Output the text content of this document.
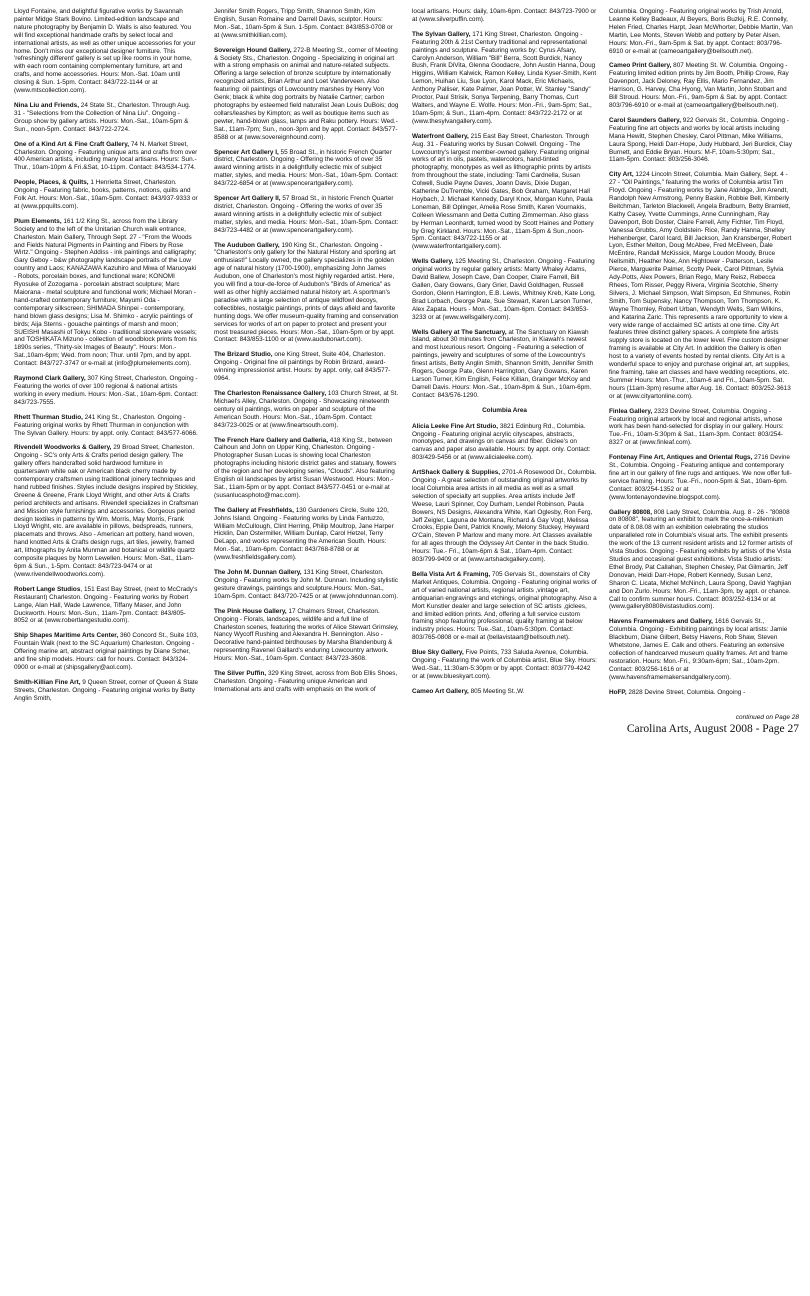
Lloyd Fontaine, and delightful figurative works by Savannah painter Midge Stark Bovino. Limited-edition landscape and nature photography by Benjamin D. Walls is also featured. You will find exceptional handmade crafts by select local and international artists, as well as other unique accessories for your home. Don't miss our exceptional designer furniture. This 'refreshingly different' gallery is set up like rooms in your home, with each room containing complementary furniture, art and crafts, and home accessories. Hours: Mon.-Sat. 10am until closing & Sun. 1-5pm. Contact: 843/722-1144 or at (www.mtscollection.com).

Nina Liu and Friends, 24 State St., Charleston. Through Aug. 31 - "Selections from the Collection of Nina Liu". Ongoing - Group show by gallery artists. Hours: Mon.-Sat., 10am-5pm & Sun., noon-5pm. Contact: 843/722-2724.

One of a Kind Art & Fine Craft Gallery, 74 N. Market Street, Charleston. Ongoing - Featuring unique arts and crafts from over 400 American artists, including many local artisans. Hours: Sun.-Thur., 10am-10pm & Fri.&Sat, 10-11pm. Contact: 843/534-1774.

People, Places, & Quilts, 1 Henrietta Street, Charleston. Ongoing - Featuring fabric, books, patterns, notions, quilts and Folk Art. Hours: Mon.-Sat., 10am-5pm. Contact: 843/937-9333 or at (www.ppquilts.com).

Plum Elements, 161 1/2 King St., across from the Library Society and to the left of the Unitarian Church walk entrance, Charleston. Main Gallery, Through Sept. 27 - "From the Woods and Fields Natural Pigments in Painting and Fibers by Rose Wirtz." Ongoing - Stephen Addiss - ink paintings and calligraphy; Gary Geboy - b&w photography landscape portraits of the Low country and Laos; KANAZAWA Kazuhiro and Miwa of Maruoyaki - Robots, porcelain boxes, and functional ware; KONOMI Ryosuke of Zozogama - porcelain abstract sculpture; Marc Maiorana - metal sculpture and functional work; Michael Moran - hand-crafted contemporary furniture; Mayumi Oda - contemporary silkscreen; SHIMADA Shinpei - contemporary, hand blown glass designs; Lisa M. Shimko - acrylic paintings of birds; Aija Sterns - gouache paintings of marsh and moon; SUEISHI Masashi of Tokyu Kobo - traditional stoneware vessels; and TOSHIKATA Mizuno - collection of woodblock prints from his 1890s series, "Thirty-six Images of Beauty". Hours: Mon.-Sat.,10am-6pm; Wed. from noon; Thur. until 7pm, and by appt. Contact: 843/727-3747 or e-mail at (info@plumelements.com).

Raymond Clark Gallery, 307 King Street, Charleston. Ongoing - Featuring the works of over 100 regional & national artists working in every medium. Hours: Mon.-Sat., 10am-6pm. Contact: 843/723-7555.

Rhett Thurman Studio, 241 King St., Charleston. Ongoing - Featuring original works by Rhett Thurman in conjunction with The Sylvan Gallery. Hours: by appt. only. Contact: 843/577-6066.

Rivendell Woodworks & Gallery, 29 Broad Street, Charleston. Ongoing - SC's only Arts & Crafts period design gallery. The gallery offers handcrafted solid hardwood furniture in quartersawn white oak or American black cherry made by contemporary craftsmen using traditional joinery techniques and hand rubbed finishes. Styles include designs inspired by Stickley, Greene & Greene, Frank Lloyd Wright, and other Arts & Crafts period architects and artisans. Rivendell specializes in Craftsman and Mission style furnishings and accessories. Gorgeous period design textiles in patterns by Wm. Morris, May Morris, Frank Lloyd Wright, etc. are available in pillows, bedspreads, runners, placemats and throws. Also - American art pottery, hand woven, hand knotted Arts & Crafts design rugs, art tiles, jewelry, framed art, lithographs by Anita Munman and botanical or wildlife quartz composite plaques by Norm Lewellen. Hours: Mon.-Sat., 11am-6pm & Sun., 1-5pm. Contact: 843/723-9474 or at (www.rivendellwoodworks.com).

Robert Lange Studios, 151 East Bay Street, (next to McCrady's Restaurant) Charleston. Ongoing - Featuring works by Robert Lange, Alan Hall, Wade Lawrence, Tiffany Maser, and John Duckworth. Hours: Mon.-Sun., 11am-7pm. Contact: 843/805-8052 or at (www.robertlangestudio.com).

Ship Shapes Maritime Arts Center, 360 Concord St., Suite 103, Fountain Walk (next to the SC Aquarium) Charleston. Ongoing - Offering marine art, abstract original paintings by Diane Scher, and fine ship models. Hours: call for hours. Contact: 843/324-0900 or e-mail at (shipsgallery@aol.com).

Smith-Killian Fine Art, 9 Queen Street, corner of Queen & State Streets, Charleston. Ongoing - Featuring original works by Betty Anglin Smith,

Jennifer Smith Rogers, Tripp Smith, Shannon Smith, Kim English, Susan Romaine and Darrell Davis, sculptor. Hours: Mon.-Sat., 10am-5pm & Sun. 1-5pm. Contact: 843/853-0708 or at (www.smithkillian.com).

Sovereign Hound Gallery, 272-B Meeting St., corner of Meeting & Society Sts., Charleston. Ongoing - Specializing in original art with a strong emphasis on animal and nature-related subjects. Offering a large selection of bronze sculpture by internationally recognized artists, Brian Arthur and Loet Vanderveen. Also featuring: oil paintings of Lowcountry marshes by Henry Von Genk; black & white dog portraits by Natalie Cartner; carbon photographs by esteemed field naturalist Jean Louis DuBois; dog collars/leashes by Kimpton; as well as boutique items such as pewter, hand-blown glass, lamps and Raku pottery. Hours: Wed.-Sat., 11am-7pm; Sun., noon-3pm and by appt. Contact: 843/577-8588 or at (www.sovereignhound.com).

Spencer Art Gallery I, 55 Broad St., in historic French Quarter district, Charleston. Ongoing - Offering the works of over 35 award winning artists in a delightfully eclectic mix of subject matter, styles, and media. Hours: Mon.-Sat., 10am-5pm. Contact: 843/722-6854 or at (www.spencerartgallery.com).

Spencer Art Gallery II, 57 Broad St., in historic French Quarter district, Charleston. Ongoing - Offering the works of over 35 award winning artists in a delightfully eclectic mix of subject matter, styles, and media. Hours: Mon.-Sat., 10am-5pm. Contact: 843/723-4482 or at (www.spencerartgallery.com).

The Audubon Gallery, 190 King St., Charleston. Ongoing - "Charleston's only gallery for the Natural History and sporting art enthusiast!" Locally owned, the gallery specializes in the golden age of natural history (1700-1900), emphasizing John James Audubon, one of Charleston's most highly regarded artist. Here, you will find a tour-de-force of Audubon's "Birds of America" as well as other highly acclaimed natural history art. A sportman's paradise with a large selection of antique wildfowl decoys, collectibles, nostalgic paintings, prints of days afield and favorite hunting dogs. We offer museum-quality framing and conservation services for works of art on paper to protect and present your most treasured pieces. Hours: Mon.-Sat., 10am-5pm or by appt. Contact: 843/853-1100 or at (www.audubonart.com).

The Brizard Studio, one King Street, Suite 404, Charleston. Ongoing - Original fine oil paintings by Robin Brizard, award-winning impressionist artist. Hours: by appt. only, call 843/577-0964.

The Charleston Renaissance Gallery, 103 Church Street, at St. Michael's Alley, Charleston. Ongoing - Showcasing nineteenth century oil paintings, works on paper and sculpture of the American South. Hours: Mon.-Sat., 10am-5pm. Contact: 843/723-0025 or at (www.fineartsouth.com).

The French Hare Gallery and Galleria, 418 King St., between Calhoun and John on Upper King, Charleston. Ongoing - Photographer Susan Lucas is showing local Charleston photographs including historic district gates and statuary, flowers of the region and her developing series, "Clouds". Also featuring English oil landscapes by artist Susan Westwood. Hours: Mon.-Sat., 11am-5pm or by appt. Contact 843/577-0451 or e-mail at (susanlucasphoto@mac.com).

The Gallery at Freshfields, 130 Gardeners Circle, Suite 120, Johns Island. Ongoing - Featuring works by Linda Fantuzzo, William McCullough, Clint Herring, Philip Moultrop, Jane Harper Hicklin, Dan Ostermiller, William Dunlap, Carol Hetzel, Terry DeLapp, and works representing the American South. Hours: Mon.-Sat., 10am-6pm. Contact: 843/768-8788 or at (www.freshfieldsgallery.com).

The John M. Dunnan Gallery, 131 King Street, Charleston. Ongoing - Featuring works by John M. Dunnan. Including stylistic gesture drawings, paintings and sculpture.Hours: Mon.-Sat., 10am-5pm. Contact: 843/720-7425 or at (www.johndunnan.com).

The Pink House Gallery, 17 Chalmers Street, Charleston. Ongoing - Florals, landscapes, wildlife and a full line of Charleston scenes, featuring the works of Alice Stewart Grimsley, Nancy Wycoff Rushing and Alexandra H. Bennington. Also - Decorative hand-painted birdhouses by Marsha Blandenburg & representing Ravenel Gaillard's enduring Lowcountry artwork. Hours: Mon.-Sat., 10am-5pm. Contact: 843/723-3608.

The Silver Puffin, 329 King Street, across from Bob Ellis Shoes, Charleston. Ongoing - Featuring unique American and International arts and crafts with emphasis on the work of

local artisans. Hours: daily, 10am-6pm. Contact: 843/723-7900 or at (www.silverpuffin.com).

The Sylvan Gallery, 171 King Street, Charleston. Ongoing - Featuring 20th & 21st Century traditional and representational paintings and sculpture. Featuring works by: Cyrus Afsary, Carolyn Anderson, William "Bill" Berra, Scott Burdick, Nancy Bush, Frank DiVita, Glenna Goodacre, John Austin Hanna, Doug Higgins, William Kalwick, Ramon Kelley, Linda Kyser-Smith, Kent Lemon, Huihan Liu, Sue Lyon, Karol Mack, Eric Michaels, Anthony Palliser, Kate Palmer, Joan Potter, W. Stanley "Sandy" Proctor, Paul Strisik, Sonya Terpening, Barry Thomas, Curt Walters, and Wayne E. Wolfe. Hours: Mon.-Fri., 9am-5pm; Sat., 10am-5pm; & Sun., 11am-4pm. Contact: 843/722-2172 or at (www.thesylvangallery.com).

Waterfront Gallery, 215 East Bay Street, Charleston. Through Aug. 31 - Featuring works by Susan Colwell. Ongoing - The Lowcountry's largest member-owned gallery. Featuring original works of art in oils, pastels, watercolors, hand-tinted photography, monotypes as well as lithographic prints by artists from throughout the state, including: Tami Cardnella, Susan Colwell, Sudie Payne Daves, Joann Davis, Dixie Dugan, Katherine DuTremble, Vicki Gates, Bob Graham, Margaret Hall Hoybach, J. Michael Kennedy, Daryl Knox, Morgan Kuhn, Paula Loneman, Bill Oplinger, Amelia Rose Smith, Karen Vournakis, Colleen Wiessmann and Detta Cutting Zimmerman. Also glass by Herman Leonhardt, turned wood by Scott Haines and Pottery by Greg Kirkland. Hours: Mon.-Sat., 11am-5pm & Sun.,noon-5pm. Contact: 843/722-1155 or at (www.waterfrontartgallery.com).

Wells Gallery, 125 Meeting St., Charleston. Ongoing - Featuring original works by regular gallery artists: Marty Whaley Adams, David Ballew, Joseph Cave, Dan Cooper, Claire Farrell, Bill Gallen, Gary Gowans, Gary Grier, David Goldhagen, Russell Gordon, Glenn Harrington, E.B. Lewis, Whitney Kreb, Kate Long, Brad Lorbach, George Pate, Sue Stewart, Karen Larson Turner, Alex Zapata. Hours - Mon.-Sat., 10am-6pm. Contact: 843/853-3233 or at (www.wellsgallery.com).

Wells Gallery at The Sanctuary, at The Sanctuary on Kiawah Island, about 30 minutes from Charleston, in Kiawah's newest and most luxurious resort. Ongoing - Featuring a selection of paintings, jewelry and sculptures of some of the Lowcountry's finest artists, Betty Anglin Smith, Shannon Smith, Jennifer Smith Rogers, George Pate, Glenn Harrington, Gary Gowans, Karen Larson Turner, Kim English, Felice Killian, Grainger McKoy and Darrell Davis. Hours: Mon.-Sat., 10am-8pm & Sun., 10am-6pm. Contact: 843/576-1290.

Columbia Area

Alicia Leeke Fine Art Studio, 3821 Edinburg Rd., Columbia. Ongoing - Featuring original acrylic cityscapes, abstracts, monotypes, and drawings on canvas and fiber. Giclee's on canvas and paper also available. Hours: by appt. only. Contact: 803/429-5456 or at (www.alicialeeke.com).

ArtShack Gallery & Supplies, 2701-A Rosewood Dr., Columbia. Ongoing - A great selection of outstanding original artworks by local Columbia area artists in all media as well as a small selection of specialty art supplies. Area artists include Jeff Weese, Lauri Spinner, Coy Durham, Lendel Robinson, Paula Bowers, NS Designs, Alexandra White, Karl Oglesby, Ron Ferg, Jeff Zeigler, Laguna de Montana, Richard & Gay Vogt, Melissa Crooks, Eppie Dent, Patrick Knowly, Melony Stuckey, Heyward O'Cain, Steven P Marlow and many more. Art Classes available for all ages through the Odyssey Art Center in the back Studio. Hours: Tue.- Fri., 10am-6pm & Sat., 10am-4pm. Contact: 803/799-9409 or at (www.artshackgallery.com).

Bella Vista Art & Framing, 705 Gervais St., downstairs of City Market Antiques, Columbia. Ongoing - Featuring original works of art of varied national artists, regional artists ,vintage art, antiquarian engravings and etchings, original photography. Also a Mort Kunstler dealer and large selection of SC artists ,giclees, and limited edition prints. And, offering a full service custom framing shop featuring professional, quality framing at below industry prices. Hours: Tue.-Sat., 10am-5:30pm. Contact: 803/765-0808 or e-mail at (bellavistaart@bellsouth.net).

Blue Sky Gallery, Five Points, 733 Saluda Avenue, Columbia. Ongoing - Featuring the work of Columbia artist, Blue Sky. Hours: Wed.-Sat., 11:30am-5:30pm or by appt. Contact: 803/779-4242 or at (www.blueskyart.com).

Cameo Art Gallery, 805 Meeting St.,W.

Columbia. Ongoing - Featuring original works by Trish Arnold, Leanne Kelley Badeaux, Al Beyers, Boris Buzkij, R.E. Connelly, Helen Fried, Charles Harpt, Jean McWhorter, Debbie Martin, Van Martin, Lee Monts, Steven Webb and pottery by Peter Alsen. Hours: Mon.-Fri., 9am-5pm & Sat. by appt. Contact: 803/796-6910 or e-mail at (cameoartgallery@bellsouth.net).

Cameo Print Gallery, 807 Meeting St. W. Columbia. Ongoing - Featuring limited edition prints by Jim Booth, Phillip Crowe, Ray Davenport, Jack Deloney, Ray Ellis, Mario Fernandez, Jim Harrison, G. Harvey, Cha Hyong, Van Martin, John Stobart and Bill Stroud. Hours: Mon.-Fri., 9am-5pm & Sat. by appt. Contact: 803/796-6910 or e-mail at (cameoartgallery@bellsouth.net).

Carol Saunders Gallery, 922 Gervais St., Columbia. Ongoing - Featuring fine art objects and works by local artists including Mana Hewitt, Stephen Chesley, Carol Pittman, Mike Williams, Laura Spong, Heidi Darr-Hope, Judy Hubbard, Jeri Burdick, Clay Burnett, and Eddie Bryan. Hours: M-F, 10am-5:30pm; Sat., 11am-5pm. Contact: 803/256-3046.

City Art, 1224 Lincoln Street, Columbia. Main Gallery, Sept. 4 - 27 - "Oil Paintings," featuring the works of Columbia artist Tim Floyd. Ongoing - Featuring works by Jane Aldridge, Jim Arendt, Randolph New Armstrong, Penny Baskin, Robbie Bell, Kimberly Beitchman, Tarleton Blackwell, Angela Bradburn, Betty Bramlett, Kathy Casey, Yvette Cummings, Anne Cunningham, Ray Davenport, Bob Doster, Claire Farrell, Amy Fichter, Tim Floyd, Vanessa Grubbs, Amy Goldstein- Rice, Randy Hanna, Shelley Hehenberger, Carol Icard, Bill Jackson, Jan Kransberger, Robert Lyon, Esther Melton, Doug McAbee, Fred McElveen, Dale McEntire, Randall McKissick, Marge Loudon Moody, Bruce Nellsmith, Heather Noe, Ann Hightower - Patterson, Leslie Pierce, Marguerite Palmer, Scotty Peek, Carol Pittman, Sylvia Ady-Potts, Alex Powers, Brian Rego, Mary Reisz, Rebecca Rhees, Tom Risser, Peggy Rivera, Virginia Scotchie, Sherry Silvers, J. Michael Simpson, Walt Simpson, Ed Shmunes, Robin Smith, Tom Supensky, Nancy Thompson, Tom Thompson, K. Wayne Thornley, Robert Urban, Wendyth Wells, Sam Wilkins, and Katarina Zaric. This represents a rare opportunity to view a very wide range of acclaimed SC artists at one time. City Art features three distinct gallery spaces. A complete fine artists supply store is located on the lower level. Fine custom designer framing is available at City Art. In addition the Gallery is often host to a variety of events hosted by rental clients. City Art is a wonderful space to enjoy and purchase original art, art supplies, fine framing, take art classes and have wedding receptions, etc. Summer Hours: Mon.-Thur., 10am-6 and Fri., 10am-5pm. Sat. hours (11am-3pm) resume after Aug. 16. Contact: 803/252-3613 or at (www.cityartonline.com).

Finlea Gallery, 2323 Devine Street, Columbia. Ongoing - Featuring original artwork by local and regional artists, whose work has been hand-selected for display in our gallery. Hours: Tue.-Fri., 10am-5:30pm & Sat., 11am-3pm. Contact: 803/254-8327 or at (www.finleaf.com).

Fontenay Fine Art, Antiques and Oriental Rugs, 2716 Devine St., Columbia. Ongoing - Featuring antique and contemporary fine art in our gallery of fine rugs and antiques. We now offer full-service framing. Hours: Tue.-Fri., noon-5pm & Sat., 10am-6pm. Contact: 803/254-1352 or at (www.fontenayondevine.blogspot.com).

Gallery 80808, 808 Lady Street, Columbia. Aug. 8 - 26 - "80808 on 80808", featuring an exhibit to mark the once-a-millennium date of 8.08.08 with an exhibition celebrating the studios unparalleled role in Columbia's visual arts. The exhibit presents the work of the 13 current resident artists and 12 former artists of Vista Studios. Ongoing - Featuring exhibits by artists of the Vista Studios and occasional guest exhibitions. Vista Studio artists: Ethel Brody, Pat Callahan, Stephen Chesley, Pat Gilmartin, Jeff Donovan, Heidi Darr-Hope, Robert Kennedy, Susan Lenz, Sharon C. Licata, Michel McNinch, Laura Spong, David Yaghjian and Don Zurlo. Hours: Mon.-Fri., 11am-3pm, by appt. or chance. Call to confirm summer hours. Contact: 803/252-6134 or at (www.gallery80808vistastudios.com).

Havens Framemakers and Gallery, 1616 Gervais St., Columbia. Ongoing - Exhibiting paintings by local artists: Jamie Blackburn, Diane Gilbert, Betsy Havens, Rob Shaw, Steven Whetstone, James E. Calk and others. Featuring an extensive collection of handcarved museum quality frames. Art and frame restoration. Hours: Mon.-Fri., 9:30am-6pm; Sat., 10am-2pm. Contact: 803/256-1616 or at (www.havensframemakersandgallery.com).

HoFP, 2828 Devine Street, Columbia. Ongoing -

continued on Page 28
Carolina Arts, August 2008 - Page 27
